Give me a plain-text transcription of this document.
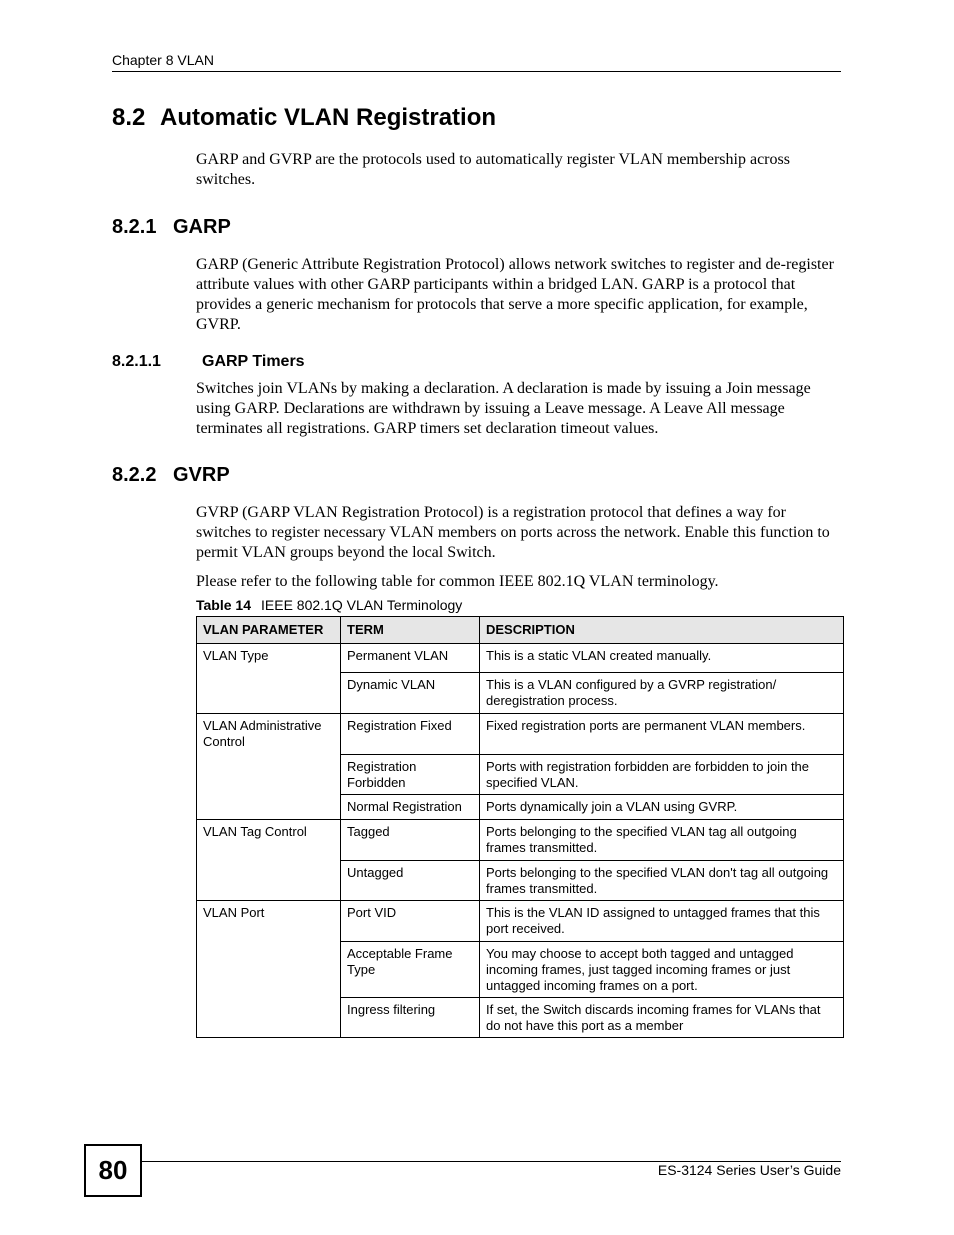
Chapter 8 VLAN
8.2 Automatic VLAN Registration

GARP and GVRP are the protocols used to automatically register VLAN membership across switches.

8.2.1 GARP

GARP (Generic Attribute Registration Protocol) allows network switches to register and de-register attribute values with other GARP participants within a bridged LAN. GARP is a protocol that provides a generic mechanism for protocols that serve a more specific application, for example, GVRP.

8.2.1.1	GARP Timers

Switches join VLANs by making a declaration. A declaration is made by issuing a Join message using GARP. Declarations are withdrawn by issuing a Leave message. A Leave All message terminates all registrations. GARP timers set declaration timeout values.

8.2.2 GVRP

GVRP (GARP VLAN Registration Protocol) is a registration protocol that defines a way for switches to register necessary VLAN members on ports across the network. Enable this function to permit VLAN groups beyond the local Switch.

Please refer to the following table for common IEEE 802.1Q VLAN terminology.

Table 14 IEEE 802.1Q VLAN Terminology
VLAN PARAMETER	TERM	DESCRIPTION
VLAN Type	Permanent VLAN	This is a static VLAN created manually.
	Dynamic VLAN	This is a VLAN configured by a GVRP registration/ deregistration process.
VLAN Administrative Control	Registration Fixed	Fixed registration ports are permanent VLAN members.
	Registration Forbidden	Ports with registration forbidden are forbidden to join the specified VLAN.
	Normal Registration	Ports dynamically join a VLAN using GVRP.
VLAN Tag Control	Tagged	Ports belonging to the specified VLAN tag all outgoing frames transmitted.
	Untagged	Ports belonging to the specified VLAN don't tag all outgoing frames transmitted.
VLAN Port	Port VID	This is the VLAN ID assigned to untagged frames that this port received.
	Acceptable Frame Type	You may choose to accept both tagged and untagged incoming frames, just tagged incoming frames or just untagged incoming frames on a port.
	Ingress filtering	If set, the Switch discards incoming frames for VLANs that do not have this port as a member
80	ES-3124 Series User’s Guide
